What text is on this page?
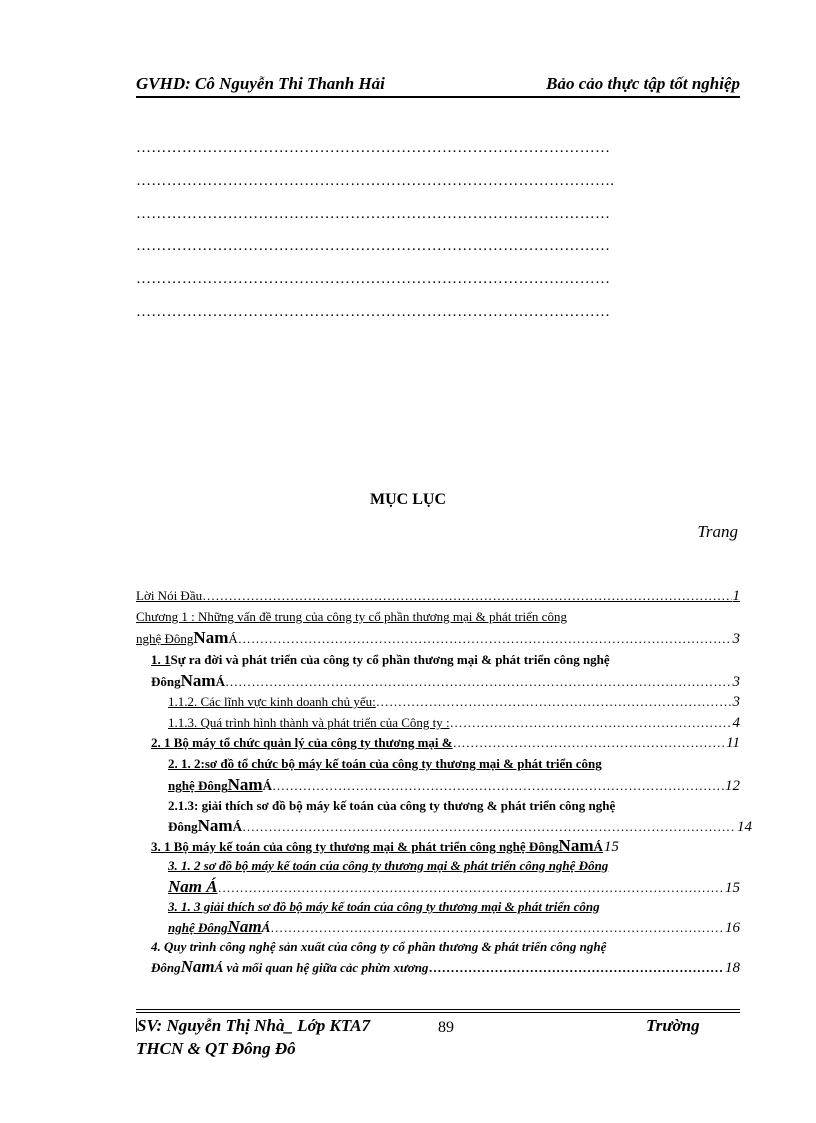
GVHD: Cô Nguyễn Thi Thanh Hải	Bảo cảo thực tập tốt nghiệp
…………………………………………………………………………………
………………………………………………………………………………….
…………………………………………………………………………………
…………………………………………………………………………………
…………………………………………………………………………………
…………………………………………………………………………………
MỤC LỤC
Trang
Lời Nói Đầu ……………………………………………………………………………………………………………………………………………………………………………………	1
Chương 1 : Những vấn đề trung của công ty cổ phần thương mại & phát triển công
nghệ Đông Nam Á ……………………………………………………………………………………………………………………………………………………………………………………	3
1. 1 Sự ra đời và phát triển của công ty cổ phần thương mại & phát triển công nghệ
Đông Nam Á ……………………………………………………………………………………………………………………………………………………………………………………	3
1.1.2. Các lĩnh vực kinh doanh chủ yếu: ……………………………………………………………………………………………………………………………………………………………………………………	3
1.1.3. Quá trình hình thành và phát triển của Công ty : ……………………………………………………………………………………………………………………………………………………………………………………	4
2. 1 Bộ máy tổ chức quản lý của công ty thương mại & ……………………………………………………………………………………………………………………………………………………………………………………	11
2. 1. 2:sơ đồ tổ chức bộ máy kế toán của công ty thương mại & phát triển công
nghệ Đông Nam Á ……………………………………………………………………………………………………………………………………………………………………………………	12
2.1.3: giải thích sơ đồ bộ máy kế toán của công ty thương & phát triển công nghệ
Đông Nam Á ……………………………………………………………………………………………………………………………………………………………………………………	14
3. 1 Bộ máy kế toán của công ty thương mại & phát triển công nghệ Đông Nam Á 15
3. 1. 2 sơ đồ bộ máy kế toán của công ty thương mại & phát triển công nghệ Đông
Nam Á ……………………………………………………………………………………………………………………………………………………………………………………	15
3. 1. 3 giải thích sơ đồ bộ máy kế toán của công ty thương mại & phát triển công
nghệ Đông Nam Á ……………………………………………………………………………………………………………………………………………………………………………………	16
4. Quy trình công nghệ sản xuất của công ty cổ phần thương & phát triển công nghệ
Đông Nam Á và mối quan hệ giữa cảc phừn xương ……………………………………………………………………………………………………………………………………………………………………………………	18
SV: Nguyễn Thị Nhà_ Lớp KTA7	89	Trường
THCN & QT Đông Đô
